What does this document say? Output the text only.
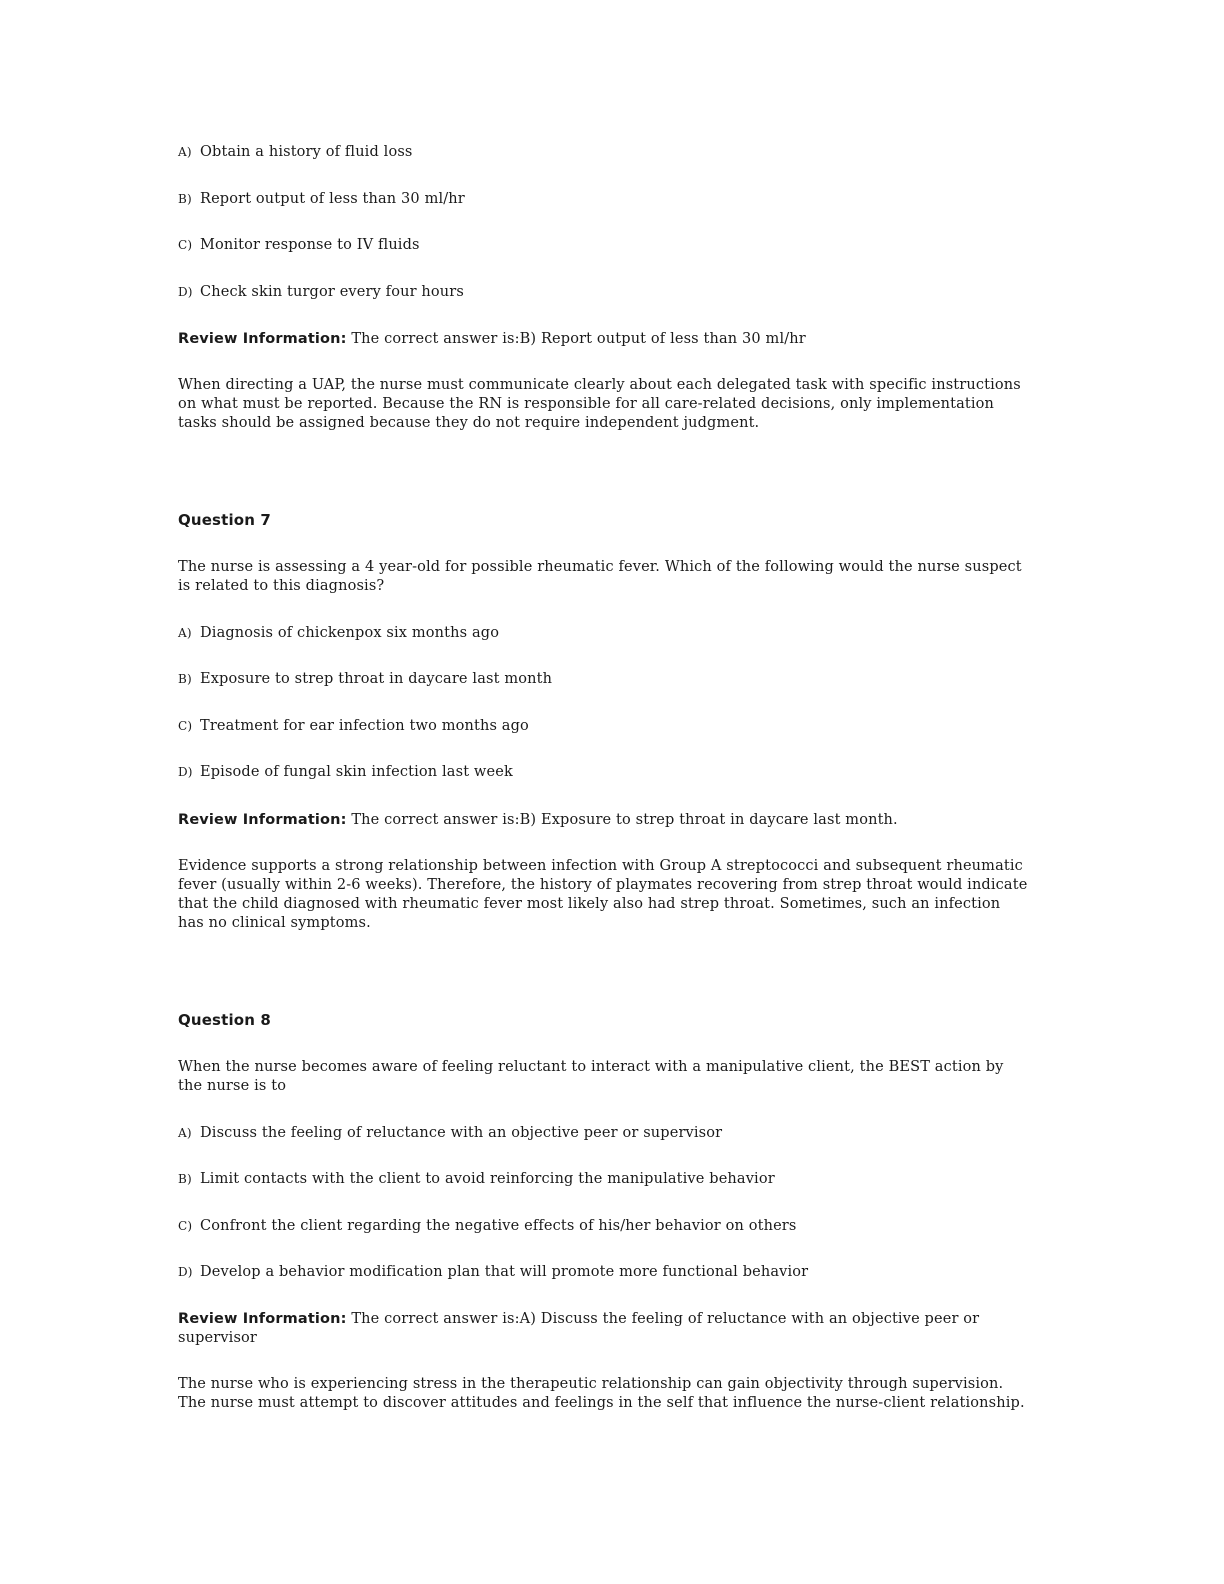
A) Obtain a history of fluid loss
B) Report output of less than 30 ml/hr
C) Monitor response to IV fluids
D) Check skin turgor every four hours
Review Information: The correct answer is:B) Report output of less than 30 ml/hr
When directing a UAP, the nurse must communicate clearly about each delegated task with specific instructions on what must be reported. Because the RN is responsible for all care-related decisions, only implementation tasks should be assigned because they do not require independent judgment.
Question 7
The nurse is assessing a 4 year-old for possible rheumatic fever. Which of the following would the nurse suspect is related to this diagnosis?
A) Diagnosis of chickenpox six months ago
B) Exposure to strep throat in daycare last month
C) Treatment for ear infection two months ago
D) Episode of fungal skin infection last week
Review Information: The correct answer is:B) Exposure to strep throat in daycare last month.
Evidence supports a strong relationship between infection with Group A streptococci and subsequent rheumatic fever (usually within 2-6 weeks). Therefore, the history of playmates recovering from strep throat would indicate that the child diagnosed with rheumatic fever most likely also had strep throat. Sometimes, such an infection has no clinical symptoms.
Question 8
When the nurse becomes aware of feeling reluctant to interact with a manipulative client, the BEST action by the nurse is to
A) Discuss the feeling of reluctance with an objective peer or supervisor
B) Limit contacts with the client to avoid reinforcing the manipulative behavior
C) Confront the client regarding the negative effects of his/her behavior on others
D) Develop a behavior modification plan that will promote more functional behavior
Review Information: The correct answer is:A) Discuss the feeling of reluctance with an objective peer or supervisor
The nurse who is experiencing stress in the therapeutic relationship can gain objectivity through supervision. The nurse must attempt to discover attitudes and feelings in the self that influence the nurse-client relationship.
